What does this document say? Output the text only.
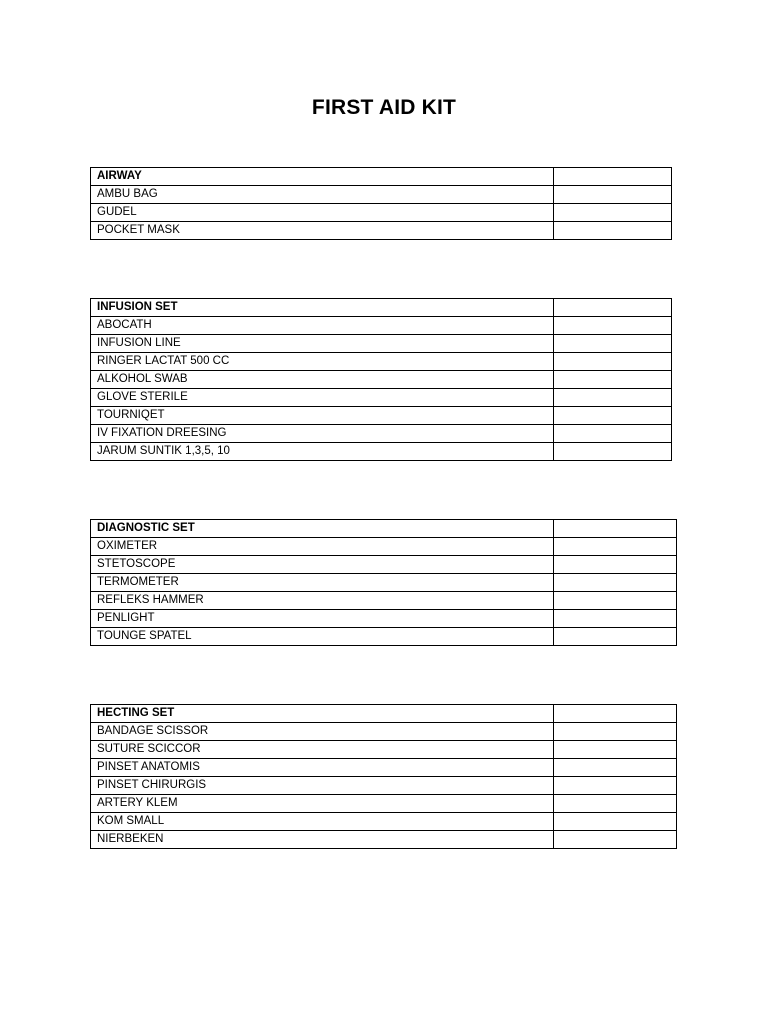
FIRST AID KIT
AIRWAY	
AMBU BAG	
GUDEL	
POCKET MASK	
INFUSION SET	
ABOCATH	
INFUSION LINE	
RINGER LACTAT 500 CC	
ALKOHOL SWAB	
GLOVE STERILE	
TOURNIQET	
IV FIXATION DREESING	
JARUM SUNTIK 1,3,5, 10	
DIAGNOSTIC SET	
OXIMETER	
STETOSCOPE	
TERMOMETER	
REFLEKS HAMMER	
PENLIGHT	
TOUNGE SPATEL	
HECTING SET	
BANDAGE SCISSOR	
SUTURE SCICCOR	
PINSET ANATOMIS	
PINSET CHIRURGIS	
ARTERY KLEM	
KOM SMALL	
NIERBEKEN	
